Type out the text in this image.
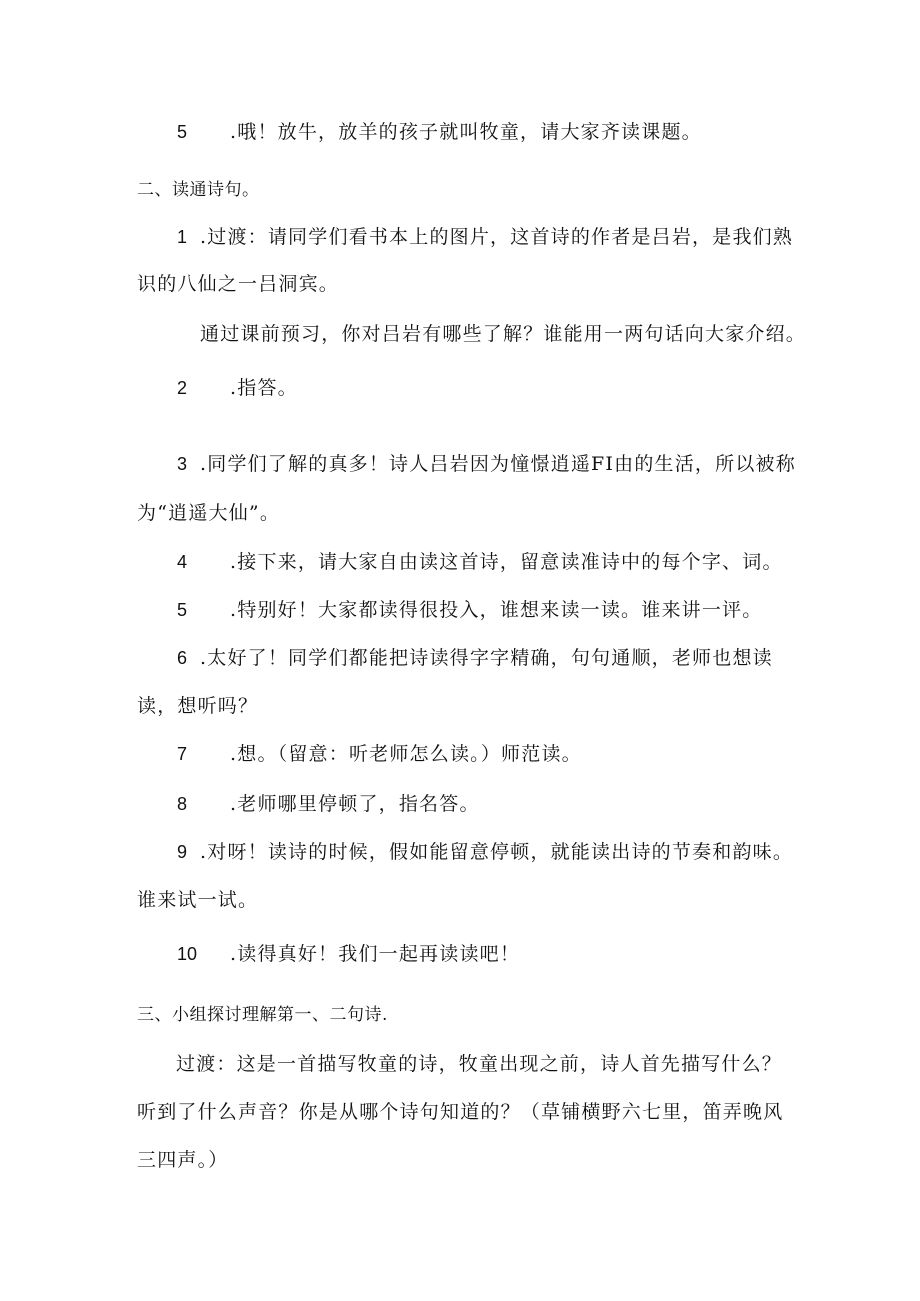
5 .哦！放牛，放羊的孩子就叫牧童，请大家齐读课题。
二、读通诗句。
1 .过渡：请同学们看书本上的图片，这首诗的作者是吕岩，是我们熟
识的八仙之一吕洞宾。
通过课前预习，你对吕岩有哪些了解？谁能用一两句话向大家介绍。
2 .指答。
3 .同学们了解的真多！诗人吕岩因为憧憬逍遥FI由的生活，所以被称
为“逍遥大仙”。
4 .接下来，请大家自由读这首诗，留意读准诗中的每个字、词。
5 .特别好！大家都读得很投入，谁想来读一读。谁来讲一评。
6 .太好了！同学们都能把诗读得字字精确，句句通顺，老师也想读
读，想听吗？
7 .想。（留意：听老师怎么读。）师范读。
8 .老师哪里停顿了，指名答。
9 .对呀！读诗的时候，假如能留意停顿，就能读出诗的节奏和韵味。
谁来试一试。
10 .读得真好！我们一起再读读吧！
三、小组探讨理解第一、二句诗.
过渡：这是一首描写牧童的诗，牧童出现之前，诗人首先描写什么？
听到了什么声音？你是从哪个诗句知道的？（草铺横野六七里，笛弄晚风
三四声。）
